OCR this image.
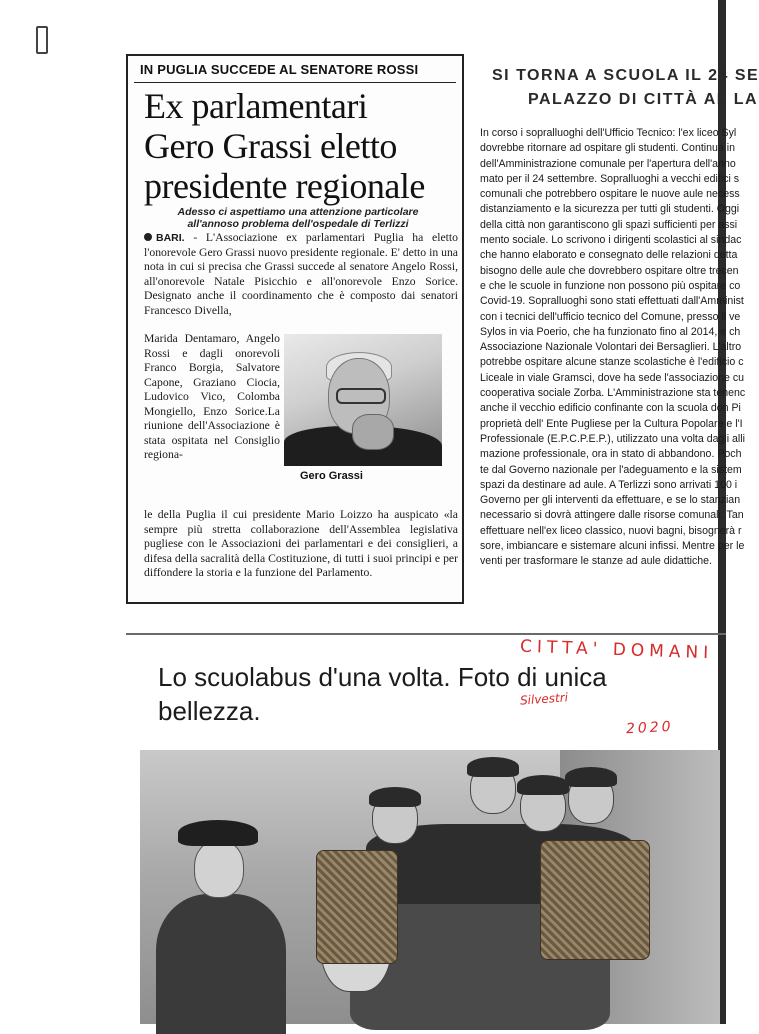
IN PUGLIA SUCCEDE AL SENATORE ROSSI
Ex parlamentari
Gero Grassi eletto
presidente regionale
Adesso ci aspettiamo una attenzione particolare
all'annoso problema dell'ospedale di Terlizzi
BARI. - L'Associazione ex parlamentari Puglia ha eletto l'onorevole Gero Grassi nuovo presidente regionale. E' detto in una nota in cui si precisa che Grassi succede al senatore Angelo Rossi, all'onorevole Natale Pisicchio e all'onorevole Enzo Sorice. Designato anche il coordinamento che è composto dai senatori Francesco Divella,
Marida Dentamaro, Angelo Rossi e dagli onorevoli Franco Borgia, Salvatore Capone, Graziano Ciocia, Ludovico Vico, Colomba Mongiello, Enzo Sorice.La riunione dell'Associazione è stata ospitata nel Consiglio regiona-
Gero Grassi
le della Puglia il cui presidente Mario Loizzo ha auspicato «la sempre più stretta collaborazione dell'Assemblea legislativa pugliese con le Associazioni dei parlamentari e dei consiglieri, a difesa della sacralità della Costituzione, di tutti i suoi principi e per diffondere la storia e la funzione del Parlamento.
SI TORNA A SCUOLA IL 24 SE
PALAZZO DI CITTÀ AL LA
In corso i sopralluoghi dell'Ufficio Tecnico: l'ex liceo Syl
dovrebbe ritornare ad ospitare gli studenti. Continua in
dell'Amministrazione comunale per l'apertura dell'anno
mato per il 24 settembre. Sopralluoghi a vecchi edifici s
comunali che potrebbero ospitare le nuove aule necess
distanziamento e la sicurezza per tutti gli studenti. Oggi
della città non garantiscono gli spazi sufficienti per assi
mento sociale. Lo scrivono i dirigenti scolastici al sindac
che hanno elaborato e consegnato delle relazioni detta
bisogno delle aule che dovrebbero ospitare oltre trecen
e che le scuole in funzione non possono più ospitare co
Covid-19. Sopralluoghi sono stati effettuati dall'Amminist
con i tecnici dell'ufficio tecnico del Comune, presso il ve
Sylos in via Poerio, che ha funzionato fino al 2014, e ch
Associazione Nazionale Volontari dei Bersaglieri. L'altro
potrebbe ospitare alcune stanze scolastiche è l'edificio c
Liceale in viale Gramsci, dove ha sede l'associazione cu
cooperativa sociale Zorba. L'Amministrazione sta tenenc
anche il vecchio edificio confinante con la scuola don Pi
proprietà dell' Ente Pugliese per la Cultura Popolare e l'I
Professionale (E.P.C.P.E.P.), utilizzato una volta dagli alli
mazione professionale, ora in stato di abbandono. Poch
te dal Governo nazionale per l'adeguamento e la sistem
spazi da destinare ad aule. A Terlizzi sono arrivati 100 i
Governo per gli interventi da effettuare, e se lo stanzian
necessario si dovrà attingere dalle risorse comunali. Tan
effettuare nell'ex liceo classico, nuovi bagni, bisognerà r
sore, imbiancare e sistemare alcuni infissi. Mentre per le
venti per trasformare le stanze ad aule didattiche.
Lo scuolabus d'una volta. Foto di unica bellezza.
CITTA' DOMANI
Silvestri
2020
